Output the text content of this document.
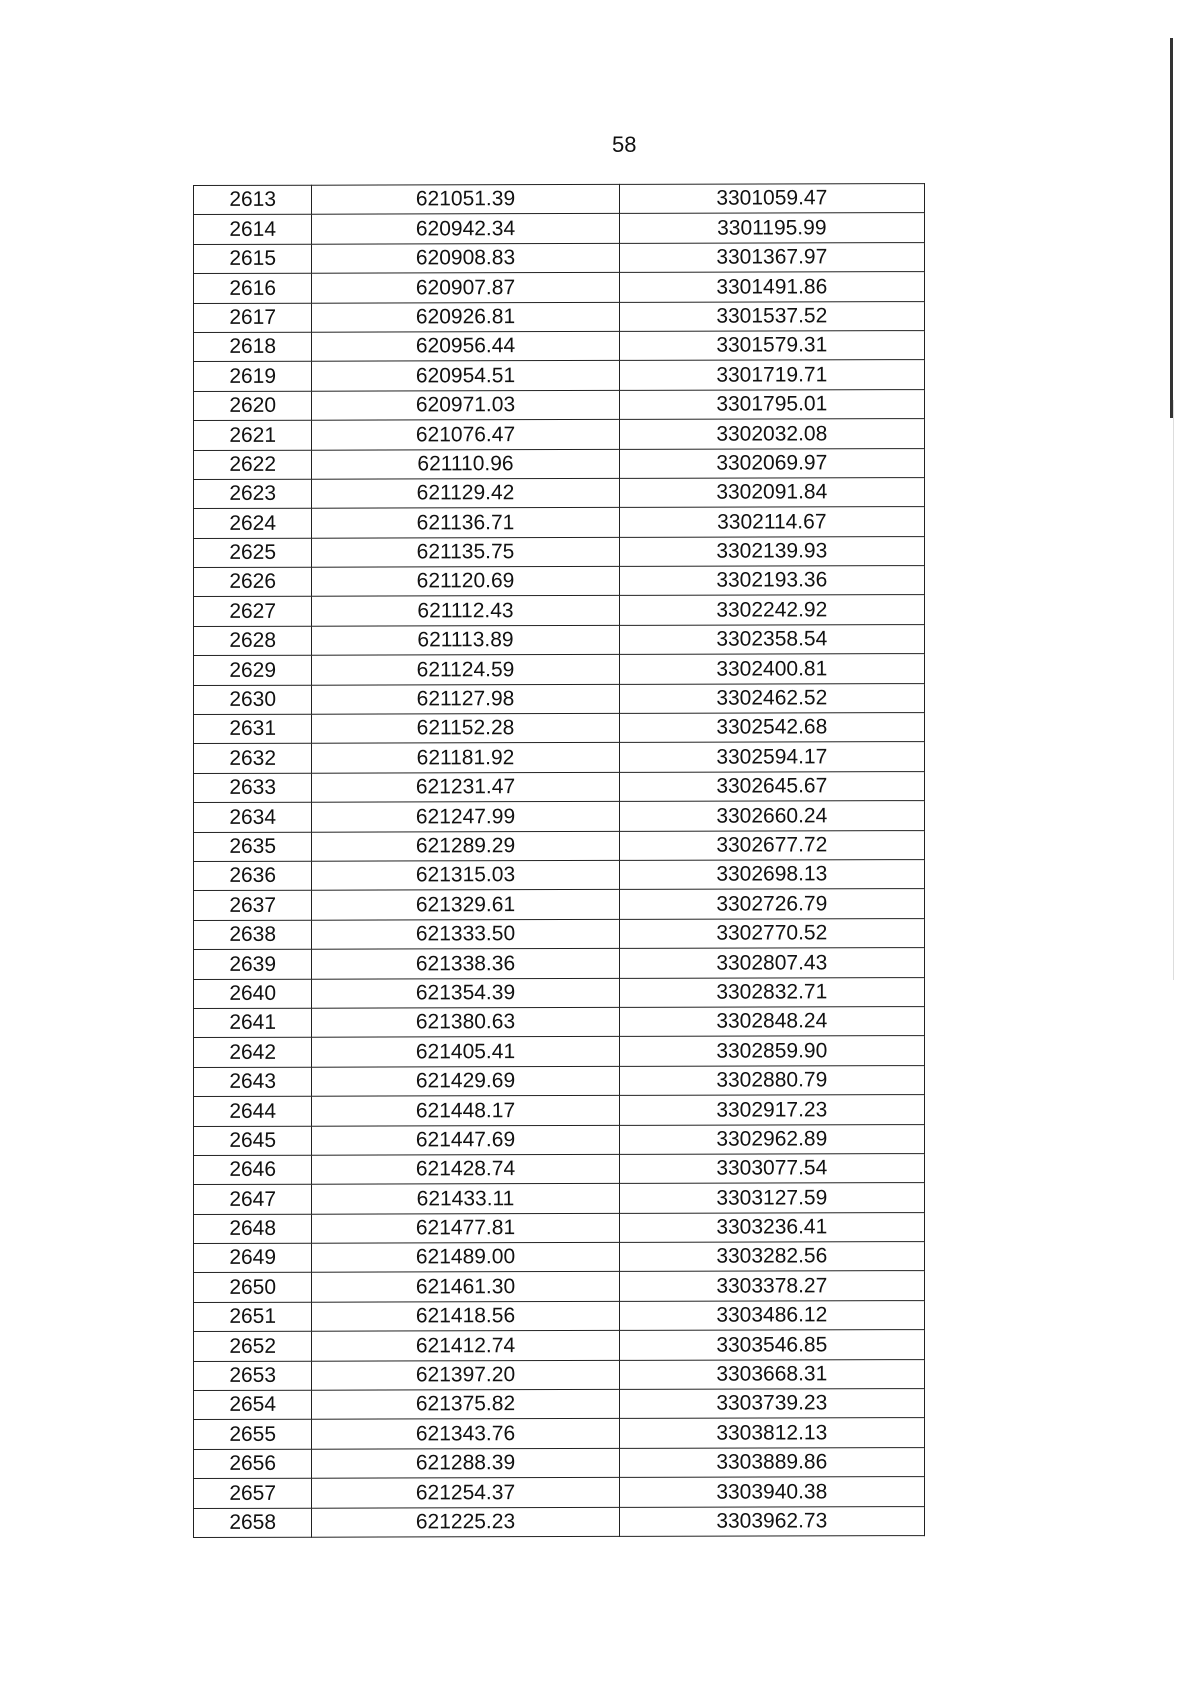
58
2613	621051.39	3301059.47
2614	620942.34	3301195.99
2615	620908.83	3301367.97
2616	620907.87	3301491.86
2617	620926.81	3301537.52
2618	620956.44	3301579.31
2619	620954.51	3301719.71
2620	620971.03	3301795.01
2621	621076.47	3302032.08
2622	621110.96	3302069.97
2623	621129.42	3302091.84
2624	621136.71	3302114.67
2625	621135.75	3302139.93
2626	621120.69	3302193.36
2627	621112.43	3302242.92
2628	621113.89	3302358.54
2629	621124.59	3302400.81
2630	621127.98	3302462.52
2631	621152.28	3302542.68
2632	621181.92	3302594.17
2633	621231.47	3302645.67
2634	621247.99	3302660.24
2635	621289.29	3302677.72
2636	621315.03	3302698.13
2637	621329.61	3302726.79
2638	621333.50	3302770.52
2639	621338.36	3302807.43
2640	621354.39	3302832.71
2641	621380.63	3302848.24
2642	621405.41	3302859.90
2643	621429.69	3302880.79
2644	621448.17	3302917.23
2645	621447.69	3302962.89
2646	621428.74	3303077.54
2647	621433.11	3303127.59
2648	621477.81	3303236.41
2649	621489.00	3303282.56
2650	621461.30	3303378.27
2651	621418.56	3303486.12
2652	621412.74	3303546.85
2653	621397.20	3303668.31
2654	621375.82	3303739.23
2655	621343.76	3303812.13
2656	621288.39	3303889.86
2657	621254.37	3303940.38
2658	621225.23	3303962.73
